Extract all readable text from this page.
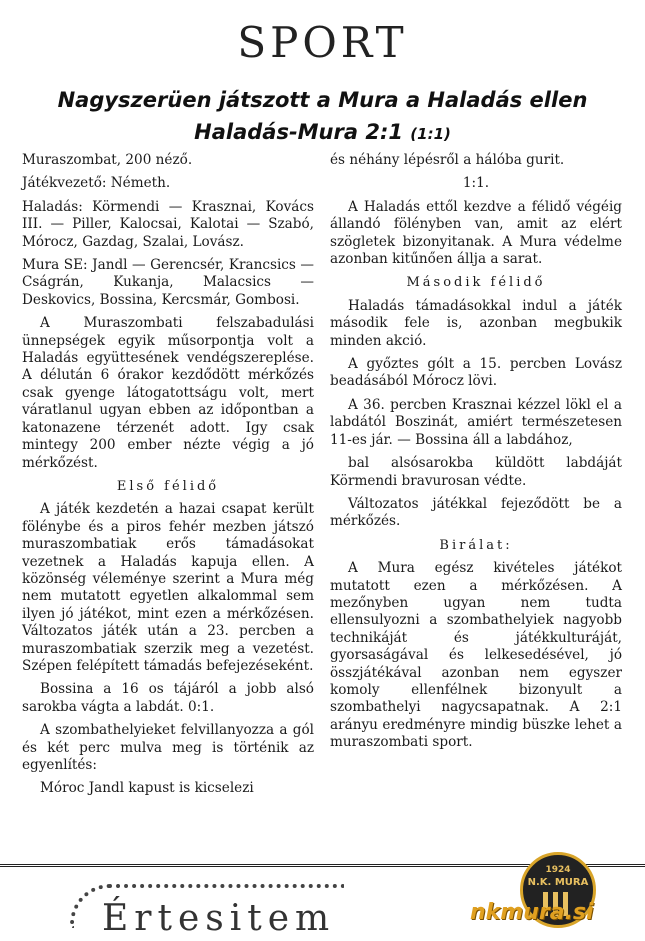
SPORT
Nagyszerüen játszott a Mura a Haladás ellen
Haladás-Mura 2:1 (1:1)

Muraszombat, 200 néző.

Játékvezető: Németh.

Haladás: Körmendi — Krasznai, Kovács III. — Piller, Kalocsai, Kalotai — Szabó, Mórocz, Gazdag, Szalai, Lovász.

Mura SE: Jandl — Gerencsér, Krancsics — Cságrán, Kukanja, Malacsics — Deskovics, Bossina, Kercsmár, Gombosi.

A Muraszombati felszabadulási ünnepségek egyik műsorpontja volt a Haladás együttesének vendégszereplése. A délután 6 órakor kezdődött mérkőzés csak gyenge látogatottságu volt, mert váratlanul ugyan ebben az időpontban a katonazene térzenét adott. Igy csak mintegy 200 ember nézte végig a jó mérkőzést.

Első félidő

A játék kezdetén a hazai csapat került fölénybe és a piros fehér mezben játszó muraszombatiak erős támadásokat vezetnek a Haladás kapuja ellen. A közönség véleménye szerint a Mura még nem mutatott egyetlen alkalommal sem ilyen jó játékot, mint ezen a mérkőzésen. Változatos játék után a 23. percben a muraszombatiak szerzik meg a vezetést. Szépen felépített támadás befejezéseként.

Bossina a 16 os tájáról a jobb alsó sarokba vágta a labdát. 0:1.

A szombathelyieket felvillanyozza a gól és két perc mulva meg is történik az egyenlítés:

Móroc Jandl kapust is kicselezi

és néhány lépésről a hálóba gurit.

1:1.

A Haladás ettől kezdve a félidő végéig állandó fölényben van, amit az elért szögletek bizonyitanak. A Mura védelme azonban kitűnően állja a sarat.

Második félidő

Haladás támadásokkal indul a játék második fele is, azonban megbukik minden akció.

A győztes gólt a 15. percben Lovász beadásából Mórocz lövi.

A 36. percben Krasznai kézzel lökl el a labdától Boszinát, amiért természetesen 11-es jár. — Bossina áll a labdához,

bal alsósarokba küldött labdáját Körmendi bravurosan védte.

Változatos játékkal fejeződött be a mérkőzés.

Birálat:

A Mura egész kivételes játékot mutatott ezen a mérkőzésen. A mezőnyben ugyan nem tudta ellensulyozni a szombathelyiek nagyobb technikáját és játékkulturáját, gyorsaságával és lelkesedésével, jó összjátékával azonban nem egyszer komoly ellenfélnek bizonyult a szombathelyi nagycsapatnak. A 2:1 arányu eredményre mindig büszke lehet a muraszombati sport.

Értesitem
1924
N.K. MURA
nkmura.si
